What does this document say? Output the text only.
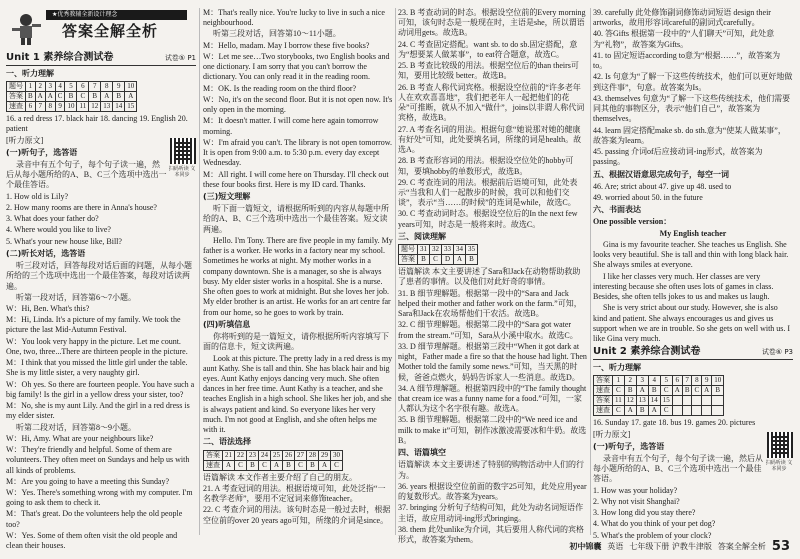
★优秀教辅全新设计理念
答案全解全析
Unit 1 素养综合测试卷	试卷⑤ P1
一、听力理解
题号	1	2	3	4	5	6	7	8	9	10
答案	B	A	A	C	B	C	B	A	B	A
速查	6	7	8	9	10	11	12	13	14	15

16. a red dress 17. black hair 18. dancing 19. English 20. patient

扫码听读 文本同步

[听力原文]

(一)听句子，选答语

录音中有五个句子，每个句子读一遍，然后从每小题所给的A、B、C三个选项中选出一个最佳答语。

1. How old is Lily?

2. How many rooms are there in Anna's house?

3. What does your father do?

4. Where would you like to live?

5. What's your new house like, Bill?

(二)听长对话，选答语

听三段对话，回答每段对话后面的问题，从每小题所给的三个选项中选出一个最佳答案，每段对话读两遍。

听第一段对话，回答第6～7小题。

W：Hi, Ben. What's this?

M：Hi, Linda. It's a picture of my family. We took the picture the last Mid-Autumn Festival.

W：You look very happy in the picture. Let me count. One, two, three...There are thirteen people in the picture.

M：I think that you missed the little girl under the table. She is my little sister, a very naughty girl.

W：Oh yes. So there are fourteen people. You have such a big family! Is the girl in a yellow dress your sister, too?

M：No, she is my aunt Lily. And the girl in a red dress is my elder sister.

听第二段对话，回答第8～9小题。

W：Hi, Amy. What are your neighbours like?

W：They're friendly and helpful. Some of them are volunteers. They often meet on Sundays and help us with all kinds of problems.

M：Are you going to have a meeting this Sunday?

W：Yes. There's something wrong with my computer. I'm going to ask them to check it.

M：That's great. Do the volunteers help the old people too?

W：Yes. Some of them often visit the old people and clean their houses.

M：That's really nice. You're lucky to live in such a nice neighbourhood.

听第三段对话，回答第10～11小题。

M：Hello, madam. May I borrow these five books?

W：Let me see…Two storybooks, two English books and one dictionary. I am sorry that you can't borrow the dictionary. You can only read it in the reading room.

M：OK. Is the reading room on the third floor?

W：No, it's on the second floor. But it is not open now. It's only open in the morning.

M：It doesn't matter. I will come here again tomorrow morning.

W：I'm afraid you can't. The library is not open tomorrow. It is open from 9:00 a.m. to 5:30 p.m. every day except Wednesday.

M：All right. I will come here on Thursday. I'll check out these four books first. Here is my ID card. Thanks.

(三)短文理解

听下面一篇短文，请根据所听到的内容从每题中所给的A、B、C三个选项中选出一个最佳答案。短文读两遍。

Hello. I'm Tony. There are five people in my family. My father is a worker. He works in a factory near my school. Sometimes he works at night. My mother works in a company downtown. She is a manager, so she is always busy. My elder sister works in a hospital. She is a nurse. She often goes to work at midnight. But she loves her job. My elder brother is an artist. He works for an art centre far from our home, so he goes to work by train.

(四)听填信息

你将听到的是一篇短文，请你根据所听内容填写下面的信息卡，短文读两遍。

Look at this picture. The pretty lady in a red dress is my aunt Kathy. She is tall and thin. She has black hair and big eyes. Aunt Kathy enjoys dancing very much. She often dances in her free time. Aunt Kathy is a teacher, and she teaches English in a high school. She likes her job, and she is always patient and kind. So everyone likes her very much. I'm not good at English, and she often helps me with it.

二、语法选择
答案	21	22	23	24	25	26	27	28	29	30
速查	A	C	B	C	A	B	C	B	A	C

语篇解读 本文作者主要介绍了自己的朋友。

21. A 考查冠词的用法。根据语境可知，此处泛指“一名教学老师”，要用不定冠词来修饰teacher。

22. C 考查介词的用法。该句时态是一般过去时，根据空位前的over 20 years ago可知，所缘的介词是since。

23. B 考查动词的时态。根据设空位前的Every morning可知，该句时态是一般现在时，主语是she，所以谓语动词用gets。故选B。

24. C 考查固定搭配。want sb. to do sb.固定搭配，意为“想要某人做某事”，to eat符合题意，故选C。

25. B 考查比较级的用法。根据空位后的than theirs可知，要用比较级 better。故选B。

26. B 考查人称代词宾格。根据设空位前的“许多老年人在欢欢喜喜地”，我们把老年人一起把他们的花朵”可推断，就从不加入“做什”，joins以非谓人称代词宾格，故选B。

27. A 考查名词的用法。根据句意“她说那对她的健康有好处”可知，此处要填名词，所缘的词是health。故选A。

28. B 考查形容词的用法。根据设空位处的hobby可知，要填hobby的单数形式，故选B。

29. C 考查连词的用法。根据前后语境可知，此处表示“当我和人们一起散步的时候，我可以和他们交谈”，表示“当……的时候”的连词是while，故选C。

30. C 考查动词时态。根据设空位后的In the next few years可知，时态是一般将来时。故选C。

三、阅读理解
题号	31	32	33	34	35
答案	B	C	D	A	B

语篇解读 本文主要讲述了Sara和Jack在动物帮助救助了患者的事情。以及他们对此好奇的事情。

31. B 细节理解题。根据第一段中的“Sara and Jack helped their mother and father work on the farm.”可知，Sara和Jack在农场帮他们干农活。故选B。

32. C 细节理解题。根据第二段中的“Sara got water from the stream.”可知，Sara从小溪中取水。故选C。

33. D 细节理解题。根据第三段中“When it got dark at night，Father made a fire so that the house had light. Then Mother told the family some news.”可知，当天黑的时候，爸爸点燃火，妈妈告诉家人一些消息。故选D。

34. A 细节理解题。根据第四段中的“The family thought that cream ice was a funny name for a food.”可知，一家人都认为这个名字很有趣。故选A。

35. B 细节理解题。根据第二段中的“We need ice and milk to make it”可知，制作冰激凌需要冰和牛奶。故选B。

四、语篇填空

语篇解读 本文主要讲述了特别的购物活动中人们的行为。

36. years 根据设空位前面的数字25可知，此处应用year的复数形式。故答案为years。

37. bringing 分析句子结构可知，此处为动名词短语作主语，故应用动词-ing形式bringing。

38. them 此处unlike为介词，其后要用人称代词的宾格形式，故答案为them。

39. carefully 此处修饰副词修饰动词短语 design their artworks，故用形容词careful的副词式carefully。

40. 答Gifts 根据第一段中的“人们聊天”可知，此处意为“礼物”，故答案为Gifts。

41. to 固定短语according to意为“根据……”，故答案为to。

42. Is 句意为“了解一下这些传统技术，他们可以更好地做到这件事”，句意。故答案为Is。

43. themselves 句意为“了解一下这些传统技术，他们需要同其他的事物区分，表示“他们自己”，故答案为themselves。

44. learn 固定搭配make sb. do sth.意为“使某人做某事”，故答案为learn。

45. passing 介词of后应接动词-ing形式，故答案为passing。

五、根据汉语意思完成句子，每空一词

46. Are; strict about 47. give up 48. used to

49. worried about 50. in the future

六、书面表达

One possible version：

My English teacher

Gina is my favourite teacher. She teaches us English. She looks very beautiful. She is tall and thin with long black hair. She always smiles at everyone.

I like her classes very much. Her classes are very interesting because she often uses lots of games in class. Besides, she often tells jokes to us and makes us laugh.

She is very strict about our study. However, she is also kind and patient. She always encourages us and gives us support when we are in trouble. So she gets on well with us. I like Gina very much.

Unit 2 素养综合测试卷	试卷⑥ P3
一、听力理解
答案	1	2	3	4	5	6	7	8	9	10
速查	C	B	A	B	C	A	B	C	A	B
答案	11	12	13	14	15					
速查	C	A	B	A	C					

16. Sunday 17. gate 18. bus 19. games 20. pictures

扫码听读 文本同步

[听力原文]

(一)听句子，选答语

录音中有五个句子，每个句子读一遍，然后从每小题所给的A、B、C三个选项中选出一个最佳答语。

1. How was your holiday?

2. Why not visit Shanghai?

3. How long did you stay there?

4. What do you think of your pet dog?

5. What's the problem of your clock?

初中锦囊 英语 七年级下册 沪教牛津版 答案全解全析 53
